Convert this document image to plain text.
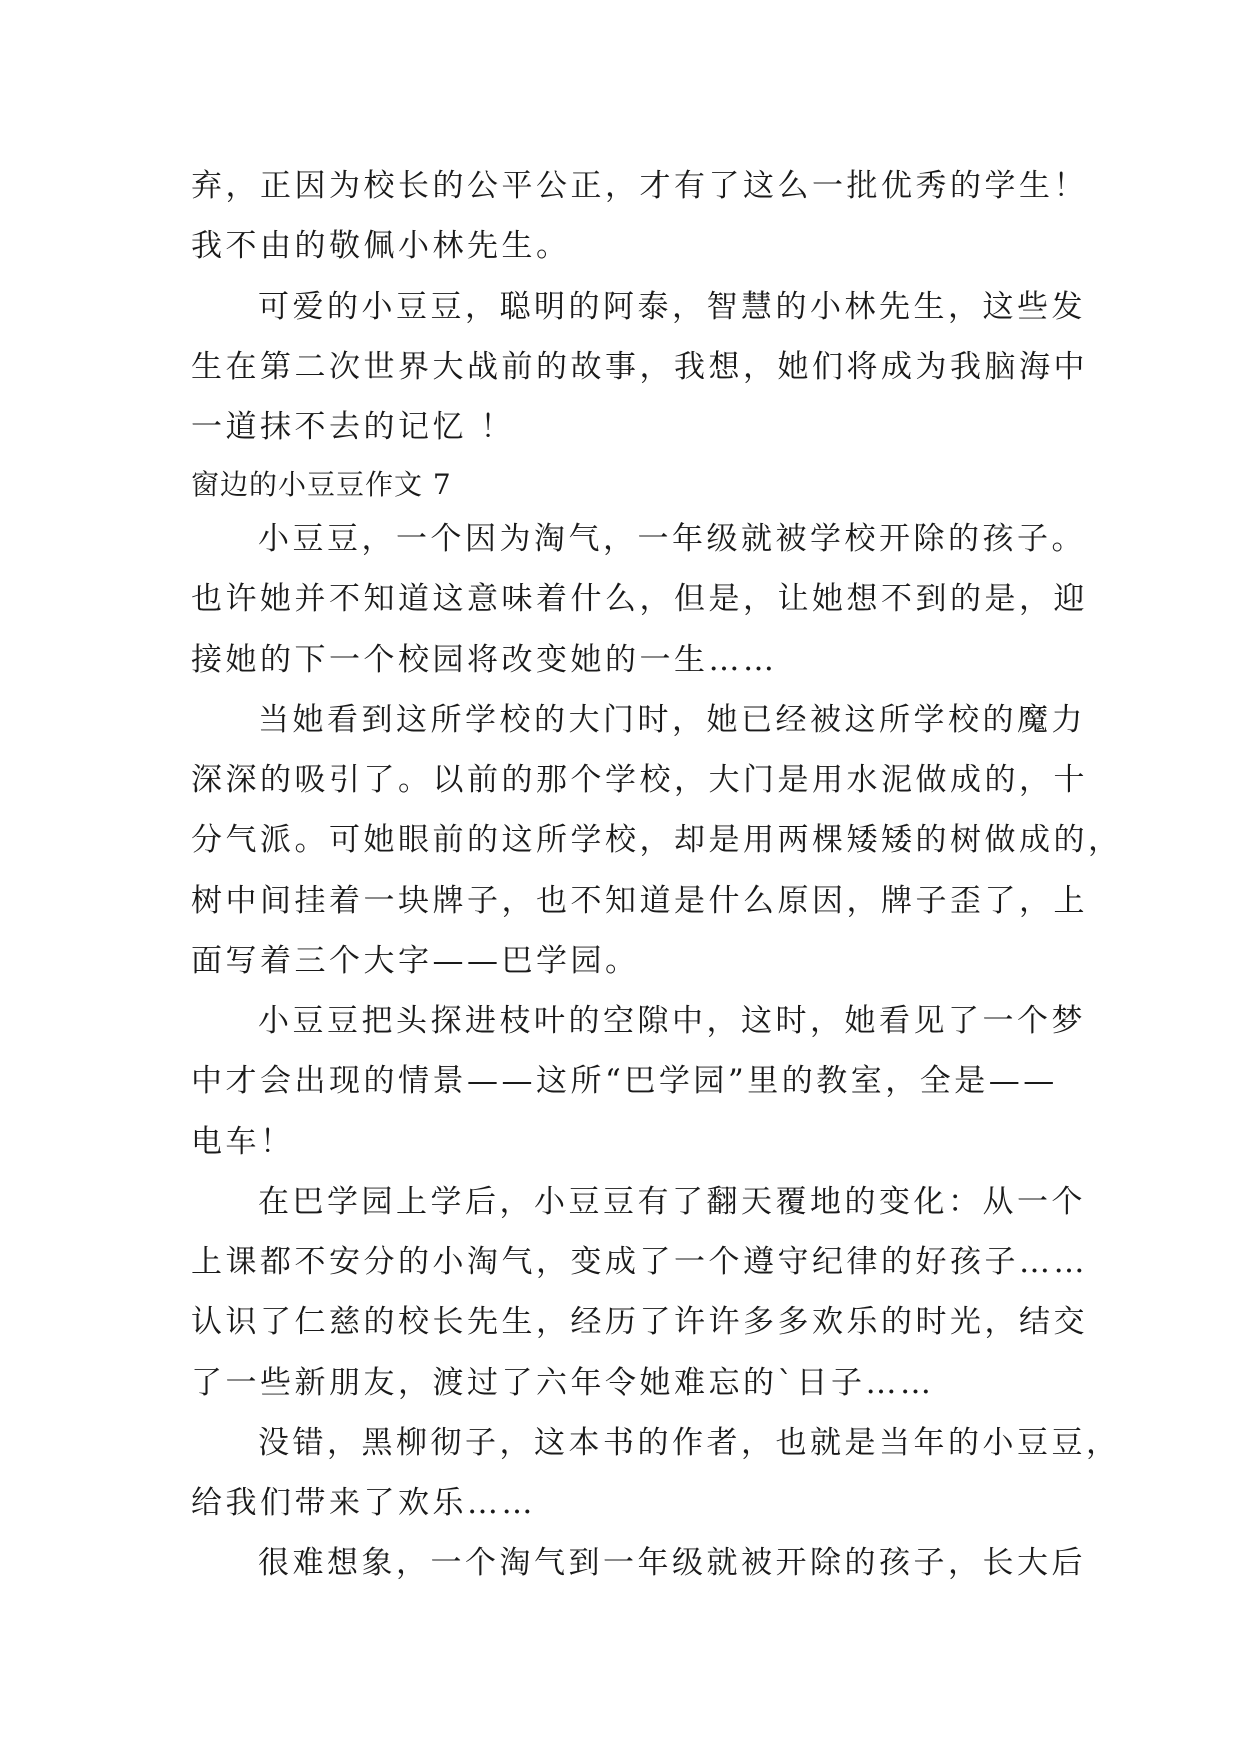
弃，正因为校长的公平公正，才有了这么一批优秀的学生！

我不由的敬佩小林先生。

可爱的小豆豆，聪明的阿泰，智慧的小林先生，这些发

生在第二次世界大战前的故事，我想，她们将成为我脑海中

一道抹不去的记忆 ！

窗边的小豆豆作文 7

小豆豆，一个因为淘气，一年级就被学校开除的孩子。

也许她并不知道这意味着什么，但是，让她想不到的是，迎

接她的下一个校园将改变她的一生……

当她看到这所学校的大门时，她已经被这所学校的魔力

深深的吸引了。以前的那个学校，大门是用水泥做成的，十

分气派。可她眼前的这所学校，却是用两棵矮矮的树做成的，

树中间挂着一块牌子，也不知道是什么原因，牌子歪了，上

面写着三个大字——巴学园。

小豆豆把头探进枝叶的空隙中，这时，她看见了一个梦

中才会出现的情景——这所“巴学园”里的教室，全是——

电车！

在巴学园上学后，小豆豆有了翻天覆地的变化：从一个

上课都不安分的小淘气，变成了一个遵守纪律的好孩子……

认识了仁慈的校长先生，经历了许许多多欢乐的时光，结交

了一些新朋友，渡过了六年令她难忘的`日子……

没错，黑柳彻子，这本书的作者，也就是当年的小豆豆，

给我们带来了欢乐……

很难想象，一个淘气到一年级就被开除的孩子，长大后
